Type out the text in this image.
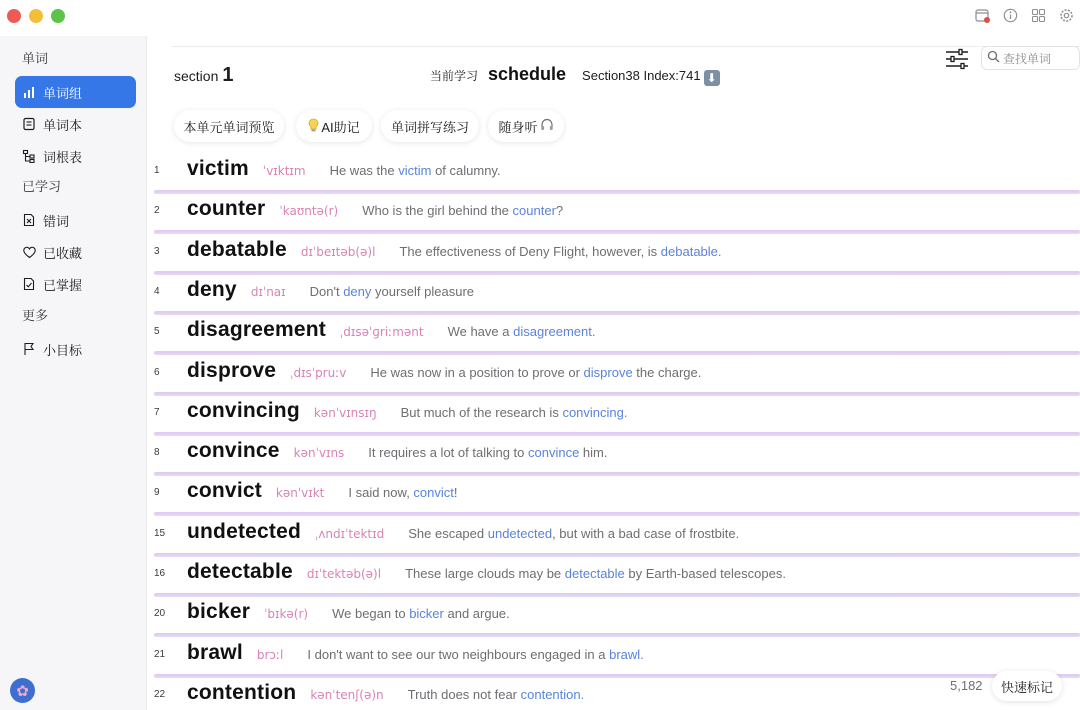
单词
单词组
单词本
词根表
已学习
错词
已收藏
已掌握
更多
小目标
✿
section 1	当前学习 schedule Section38 Index:741 ⬇
查找单词
本单元单词预览	AI助记 单词拼写练习 随身听
1	victim ˈvɪktɪm He was the victim of calumny.
2	counter ˈkaʊntə(r) Who is the girl behind the counter?
3	debatable dɪˈbeɪtəb(ə)l The effectiveness of Deny Flight, however, is debatable.
4	deny dɪˈnaɪ Don't deny yourself pleasure
5	disagreement ˌdɪsəˈɡriːmənt We have a disagreement.
6	disprove ˌdɪsˈpruːv He was now in a position to prove or disprove the charge.
7	convincing kənˈvɪnsɪŋ But much of the research is convincing.
8	convince kənˈvɪns It requires a lot of talking to convince him.
9	convict kənˈvɪkt I said now, convict!
15	undetected ˌʌndɪˈtektɪd She escaped undetected, but with a bad case of frostbite.
16	detectable dɪˈtektəb(ə)l These large clouds may be detectable by Earth-based telescopes.
20	bicker ˈbɪkə(r) We began to bicker and argue.
21	brawl brɔːl I don't want to see our two neighbours engaged in a brawl.
22	contention kənˈtenʃ(ə)n Truth does not fear contention.
5,182 快速标记
